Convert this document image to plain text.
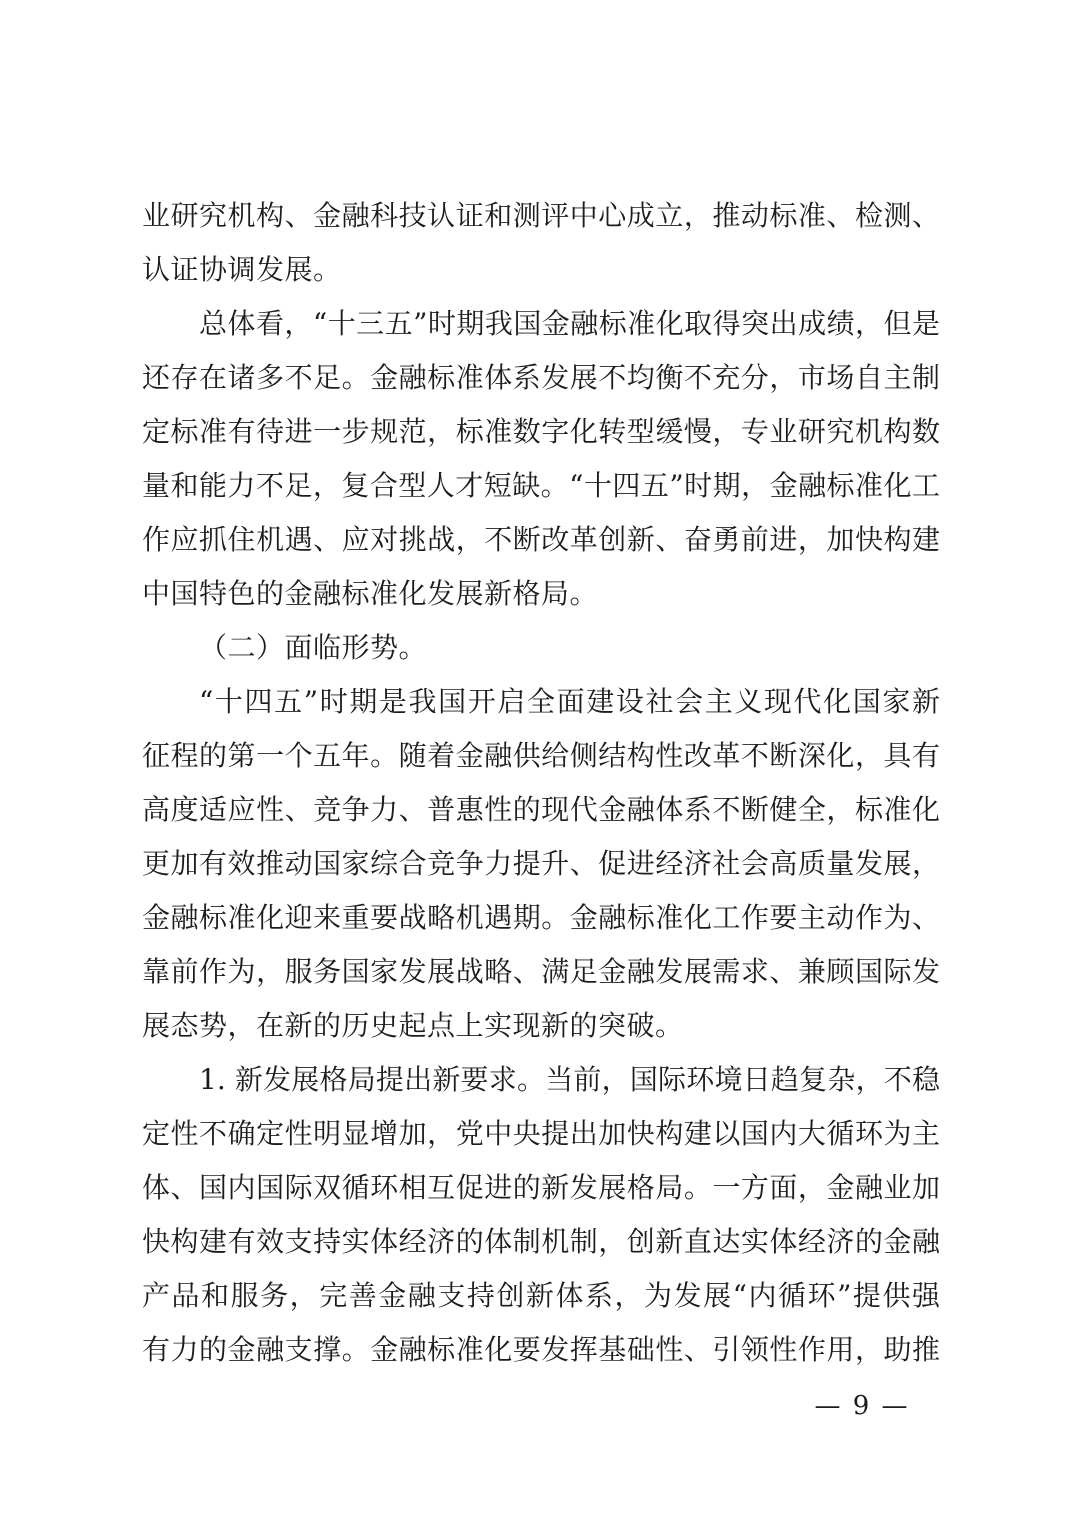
业研究机构、金融科技认证和测评中心成立，推动标准、检测、
认证协调发展。
总体看，“十三五”时期我国金融标准化取得突出成绩，但是
还存在诸多不足。金融标准体系发展不均衡不充分，市场自主制
定标准有待进一步规范，标准数字化转型缓慢，专业研究机构数
量和能力不足，复合型人才短缺。“十四五”时期，金融标准化工
作应抓住机遇、应对挑战，不断改革创新、奋勇前进，加快构建
中国特色的金融标准化发展新格局。
（二）面临形势。
“十四五”时期是我国开启全面建设社会主义现代化国家新
征程的第一个五年。随着金融供给侧结构性改革不断深化，具有
高度适应性、竞争力、普惠性的现代金融体系不断健全，标准化
更加有效推动国家综合竞争力提升、促进经济社会高质量发展，
金融标准化迎来重要战略机遇期。金融标准化工作要主动作为、
靠前作为，服务国家发展战略、满足金融发展需求、兼顾国际发
展态势，在新的历史起点上实现新的突破。
1. 新发展格局提出新要求。当前，国际环境日趋复杂，不稳
定性不确定性明显增加，党中央提出加快构建以国内大循环为主
体、国内国际双循环相互促进的新发展格局。一方面，金融业加
快构建有效支持实体经济的体制机制，创新直达实体经济的金融
产品和服务，完善金融支持创新体系，为发展“内循环”提供强
有力的金融支撑。金融标准化要发挥基础性、引领性作用，助推
— 9 —
